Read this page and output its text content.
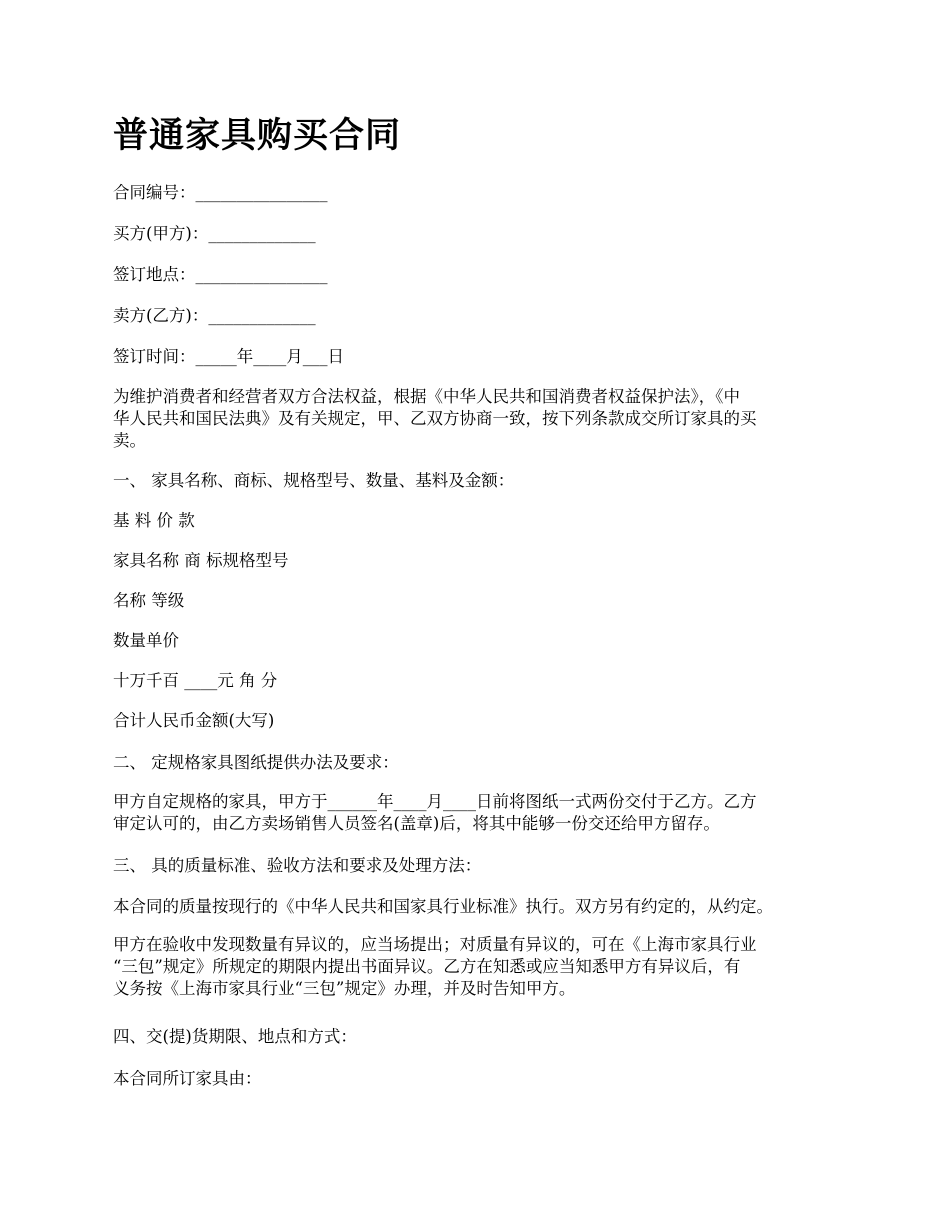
普通家具购买合同

合同编号：________________

买方(甲方)：_____________

签订地点：________________

卖方(乙方)：_____________

签订时间：_____年____月___日

为维护消费者和经营者双方合法权益，根据《中华人民共和国消费者权益保护法》，《中
华人民共和国民法典》及有关规定，甲、乙双方协商一致，按下列条款成交所订家具的买
卖。

一、 家具名称、商标、规格型号、数量、基料及金额：

基 料 价 款

家具名称 商 标规格型号

名称 等级

数量单价

十万千百 ____元 角 分

合计人民币金额(大写)

二、 定规格家具图纸提供办法及要求：

甲方自定规格的家具，甲方于______年____月____日前将图纸一式两份交付于乙方。乙方
审定认可的，由乙方卖场销售人员签名(盖章)后，将其中能够一份交还给甲方留存。

三、 具的质量标准、验收方法和要求及处理方法：

本合同的质量按现行的《中华人民共和国家具行业标准》执行。双方另有约定的，从约定。

甲方在验收中发现数量有异议的，应当场提出；对质量有异议的，可在《上海市家具行业
“三包”规定》所规定的期限内提出书面异议。乙方在知悉或应当知悉甲方有异议后，有
义务按《上海市家具行业“三包”规定》办理，并及时告知甲方。

四、交(提)货期限、地点和方式：

本合同所订家具由：
